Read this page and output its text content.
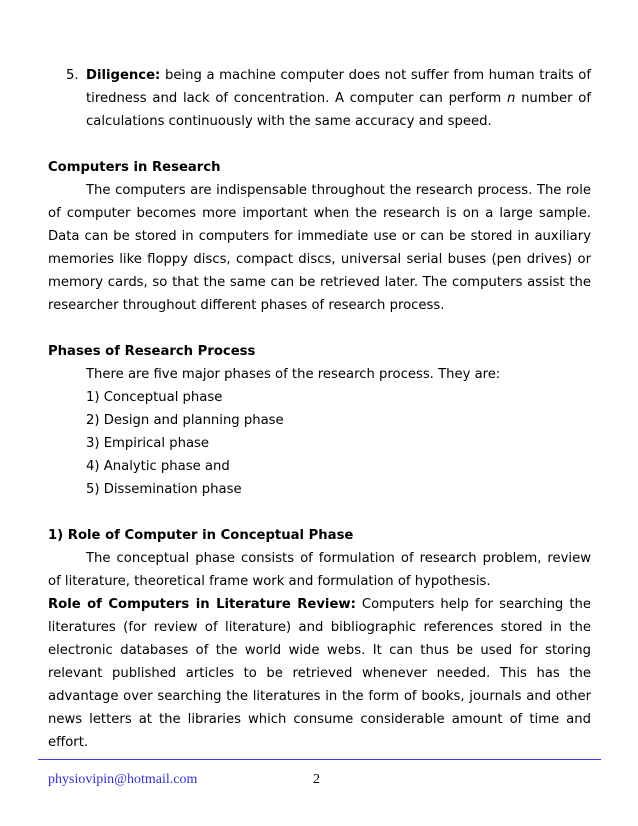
5. Diligence: being a machine computer does not suffer from human traits of tiredness and lack of concentration. A computer can perform n number of calculations continuously with the same accuracy and speed.

Computers in Research

The computers are indispensable throughout the research process. The role of computer becomes more important when the research is on a large sample. Data can be stored in computers for immediate use or can be stored in auxiliary memories like floppy discs, compact discs, universal serial buses (pen drives) or memory cards, so that the same can be retrieved later. The computers assist the researcher throughout different phases of research process.

Phases of Research Process

There are five major phases of the research process. They are:

1) Conceptual phase
2) Design and planning phase
3) Empirical phase
4) Analytic phase and
5) Dissemination phase

1) Role of Computer in Conceptual Phase

The conceptual phase consists of formulation of research problem, review of literature, theoretical frame work and formulation of hypothesis.

Role of Computers in Literature Review: Computers help for searching the literatures (for review of literature) and bibliographic references stored in the electronic databases of the world wide webs. It can thus be used for storing relevant published articles to be retrieved whenever needed. This has the advantage over searching the literatures in the form of books, journals and other news letters at the libraries which consume considerable amount of time and effort.

physiovipin@hotmail.com	2
